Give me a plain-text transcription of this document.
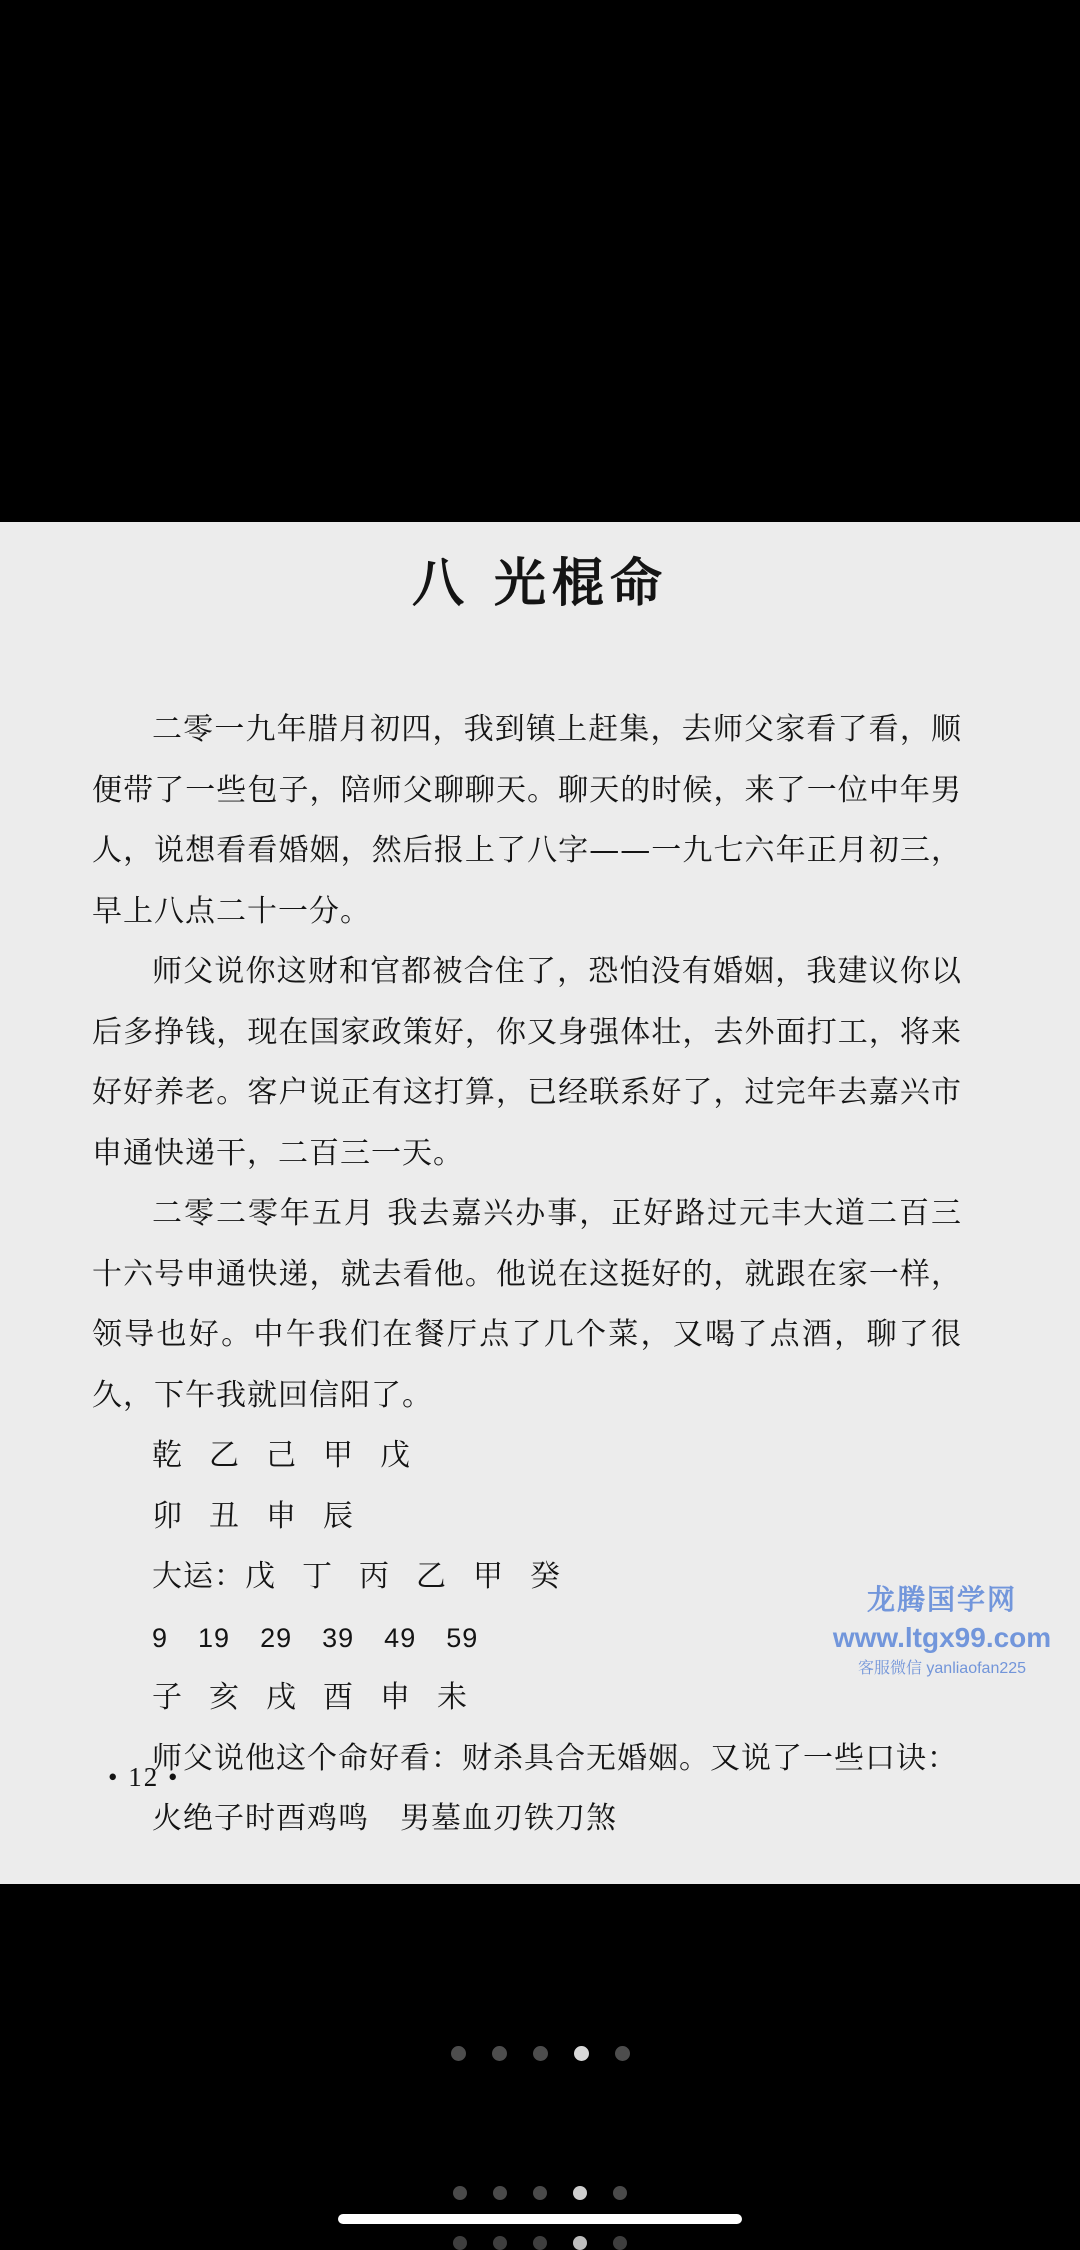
八 光棍命

二零一九年腊月初四，我到镇上赶集，去师父家看了看，顺便带了一些包子，陪师父聊聊天。聊天的时候，来了一位中年男人，说想看看婚姻，然后报上了八字——一九七六年正月初三，早上八点二十一分。

师父说你这财和官都被合住了，恐怕没有婚姻，我建议你以后多挣钱，现在国家政策好，你又身强体壮，去外面打工，将来好好养老。客户说正有这打算，已经联系好了，过完年去嘉兴市申通快递干，二百三一天。

二零二零年五月 我去嘉兴办事，正好路过元丰大道二百三十六号申通快递，就去看他。他说在这挺好的，就跟在家一样，领导也好。中午我们在餐厅点了几个菜，又喝了点酒，聊了很久，下午我就回信阳了。

乾 乙 己 甲 戊

卯 丑 申 辰

大运：戊 丁 丙 乙 甲 癸

9 19 29 39 49 59

子 亥 戌 酉 申 未

师父说他这个命好看：财杀具合无婚姻。又说了一些口诀：

火绝子时酉鸡鸣　男墓血刃铁刀煞

• 12 •
龙腾国学网
www.ltgx99.com
客服微信 yanliaofan225
